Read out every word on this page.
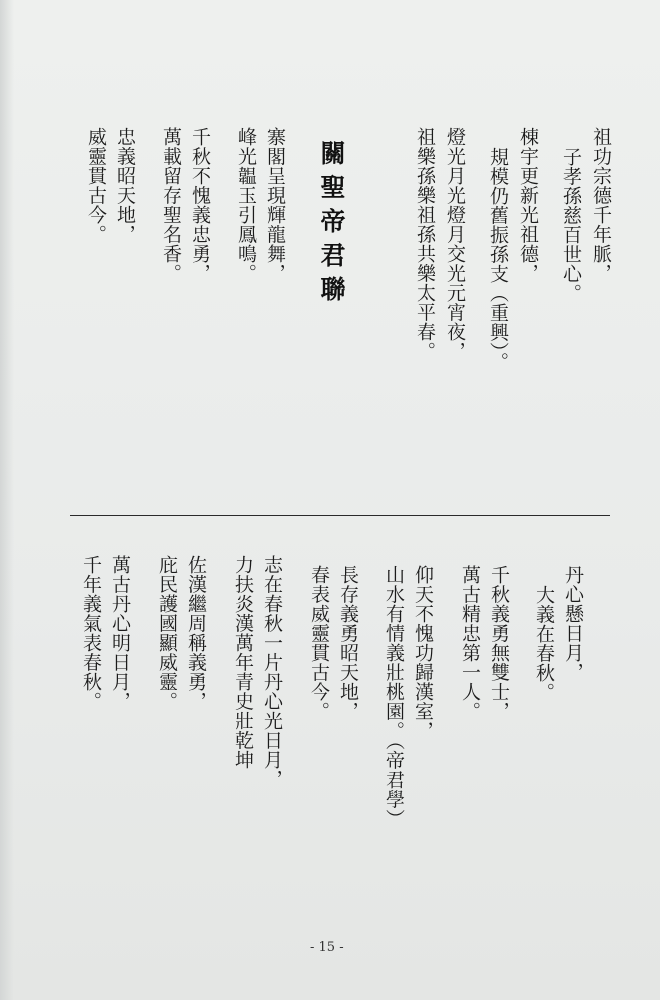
祖功宗德千年脈，
子孝孫慈百世心。
棟宇更新光祖德，
規模仍舊振孫支（重興）。
燈光月光燈月交光元宵夜，
祖樂孫樂祖孫共樂太平春。
關聖帝君聯
寨閣呈現輝龍舞，
峰光韞玉引鳳鳴。
千秋不愧義忠勇，
萬載留存聖名香。
忠義昭天地，
威靈貫古今。
丹心懸日月，
大義在春秋。
千秋義勇無雙士，
萬古精忠第一人。
仰天不愧功歸漢室，
山水有情義壯桃園。（帝君學）
長存義勇昭天地，
春表威靈貫古今。
志在春秋一片丹心光日月，
力扶炎漢萬年青史壯乾坤
佐漢繼周稱義勇，
庇民護國顯威靈。
萬古丹心明日月，
千年義氣表春秋。
- 15 -
